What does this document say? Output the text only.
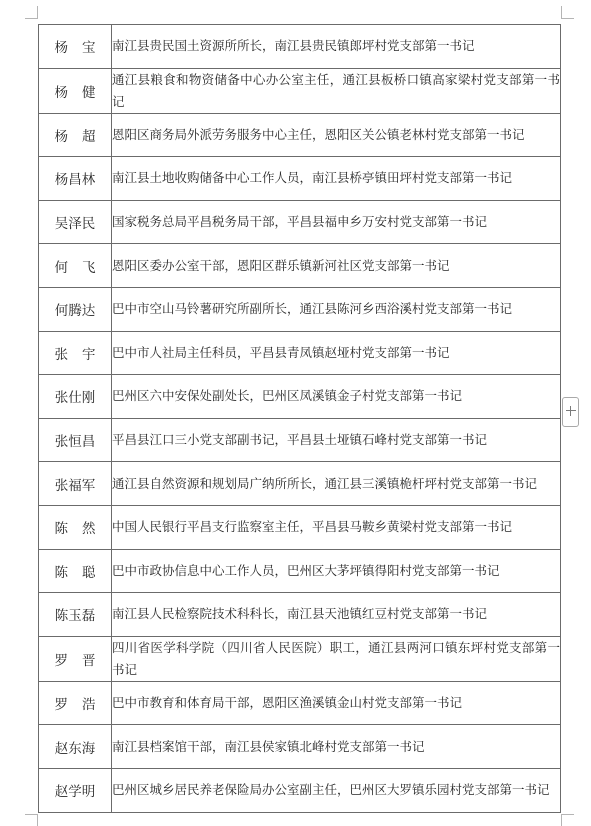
杨宝	南江县贵民国土资源所所长，南江县贵民镇郎坪村党支部第一书记
杨健	通江县粮食和物资储备中心办公室主任，通江县板桥口镇高家梁村党支部第一书记
杨超	恩阳区商务局外派劳务服务中心主任，恩阳区关公镇老林村党支部第一书记
杨昌林	南江县土地收购储备中心工作人员，南江县桥亭镇田坪村党支部第一书记
吴泽民	国家税务总局平昌税务局干部，平昌县福申乡万安村党支部第一书记
何飞	恩阳区委办公室干部，恩阳区群乐镇新河社区党支部第一书记
何腾达	巴中市空山马铃薯研究所副所长，通江县陈河乡西浴溪村党支部第一书记
张宇	巴中市人社局主任科员，平昌县青凤镇赵垭村党支部第一书记
张仕刚	巴州区六中安保处副处长，巴州区凤溪镇金子村党支部第一书记
张恒昌	平昌县江口三小党支部副书记，平昌县土垭镇石峰村党支部第一书记
张福军	通江县自然资源和规划局广纳所所长，通江县三溪镇桅杆坪村党支部第一书记
陈然	中国人民银行平昌支行监察室主任，平昌县马鞍乡黄梁村党支部第一书记
陈聪	巴中市政协信息中心工作人员，巴州区大茅坪镇得阳村党支部第一书记
陈玉磊	南江县人民检察院技术科科长，南江县天池镇红豆村党支部第一书记
罗晋	四川省医学科学院（四川省人民医院）职工，通江县两河口镇东坪村党支部第一书记
罗浩	巴中市教育和体育局干部，恩阳区渔溪镇金山村党支部第一书记
赵东海	南江县档案馆干部，南江县侯家镇北峰村党支部第一书记
赵学明	巴州区城乡居民养老保险局办公室副主任，巴州区大罗镇乐园村党支部第一书记
